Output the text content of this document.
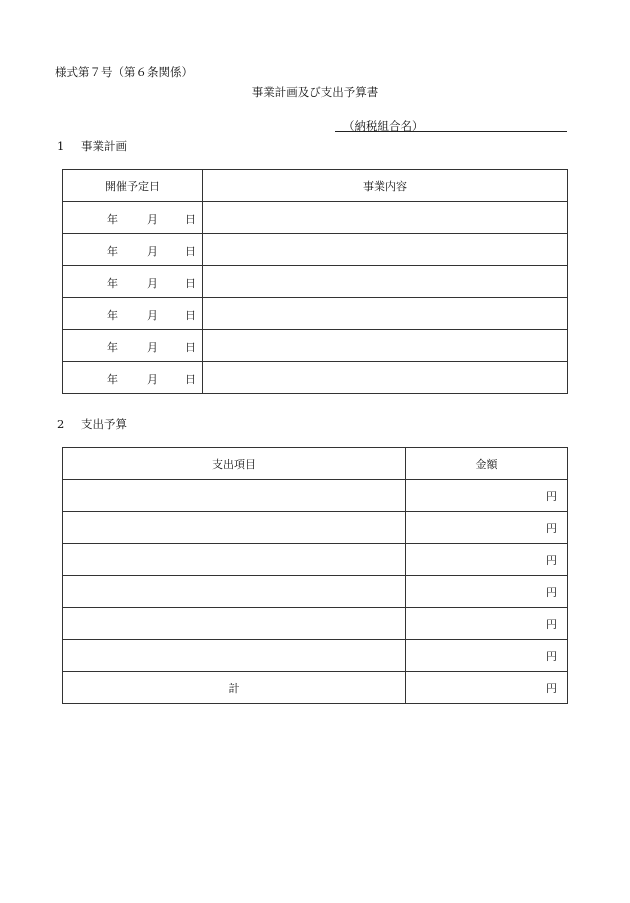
様式第７号（第６条関係）
事業計画及び支出予算書
（納税組合名）
1 事業計画
開催予定日	事業内容

年 月 日	

年 月 日	

年 月 日	

年 月 日	

年 月 日	

年 月 日	

2 支出予算
支出項目	金額
	円
	円
	円
	円
	円
	円
計	円
